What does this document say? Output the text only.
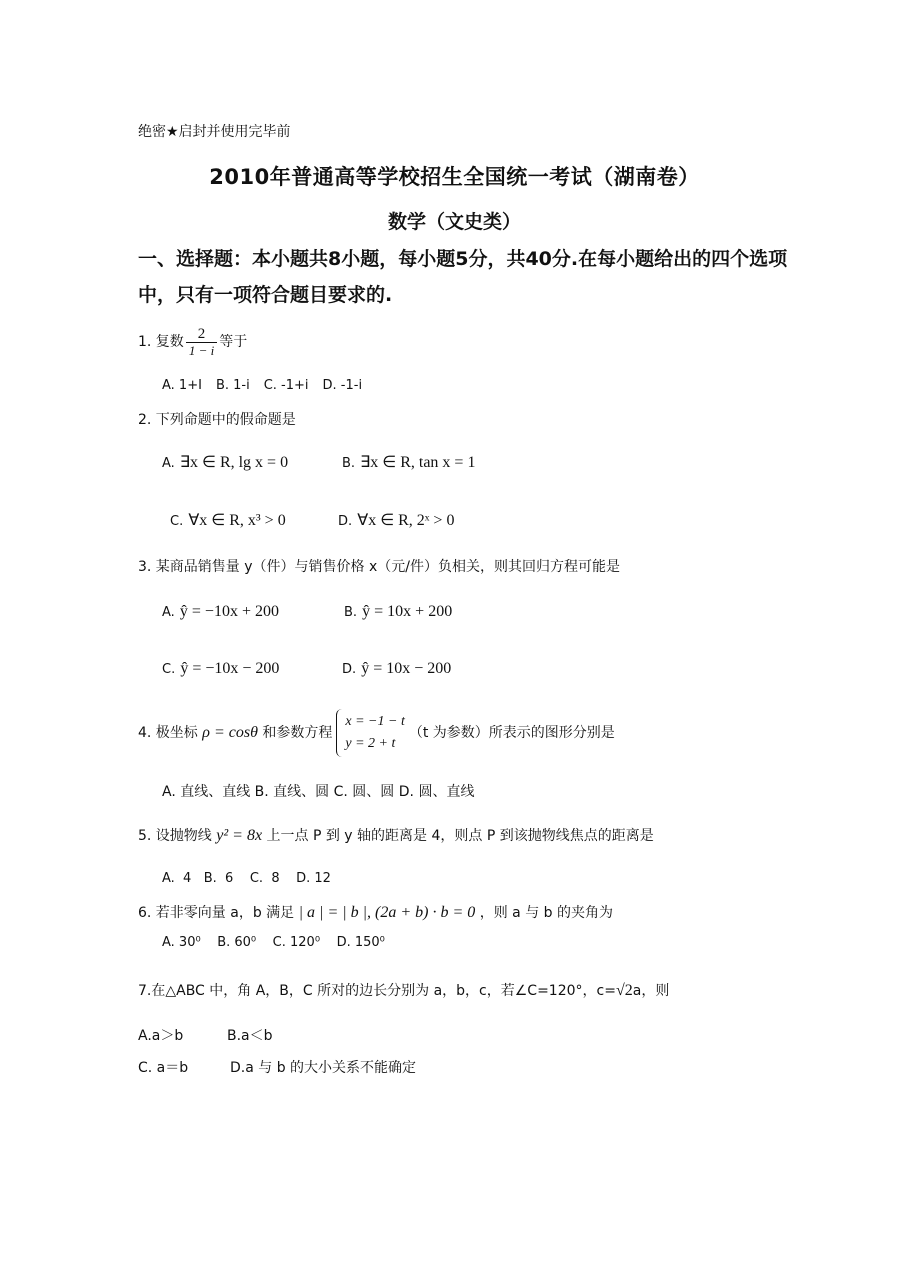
绝密★启封并使用完毕前
2010年普通高等学校招生全国统一考试（湖南卷）
数学（文史类）
一、选择题：本小题共8小题，每小题5分，共40分.在每小题给出的四个选项中，只有一项符合题目要求的.
1. 复数 $\frac{2}{1 - i}$ 等于
A. 1+I B. 1-i C. -1+i D. -1-i
2. 下列命题中的假命题是
A. ∃x ∈ R, lg x = 0	B. ∃x ∈ R, tan x = 1
C. ∀x ∈ R, x³ > 0	D. ∀x ∈ R, 2ˣ > 0
3. 某商品销售量 y（件）与销售价格 x（元/件）负相关，则其回归方程可能是
A. ŷ = −10x + 200	B. ŷ = 10x + 200
C. ŷ = −10x − 200	D. ŷ = 10x − 200
4. 极坐标 ρ = cosθ 和参数方程
x = −1 − t
y = 2 + t
（t 为参数）所表示的图形分别是
A. 直线、直线 B. 直线、圆 C. 圆、圆 D. 圆、直线
5. 设抛物线 y² = 8x 上一点 P 到 y 轴的距离是 4，则点 P 到该抛物线焦点的距离是
A.  4   B.  6    C.  8    D. 12
6. 若非零向量 a，b 满足 | a | = | b |, (2a + b) · b = 0 ，则 a 与 b 的夹角为
A. 30⁰    B. 60⁰    C. 120⁰    D. 150⁰
7.在△ABC 中，角 A，B，C 所对的边长分别为 a，b，c，若∠C=120°，c=√2a，则
A.a＞b	B.a＜b
C. a＝b	D.a 与 b 的大小关系不能确定
